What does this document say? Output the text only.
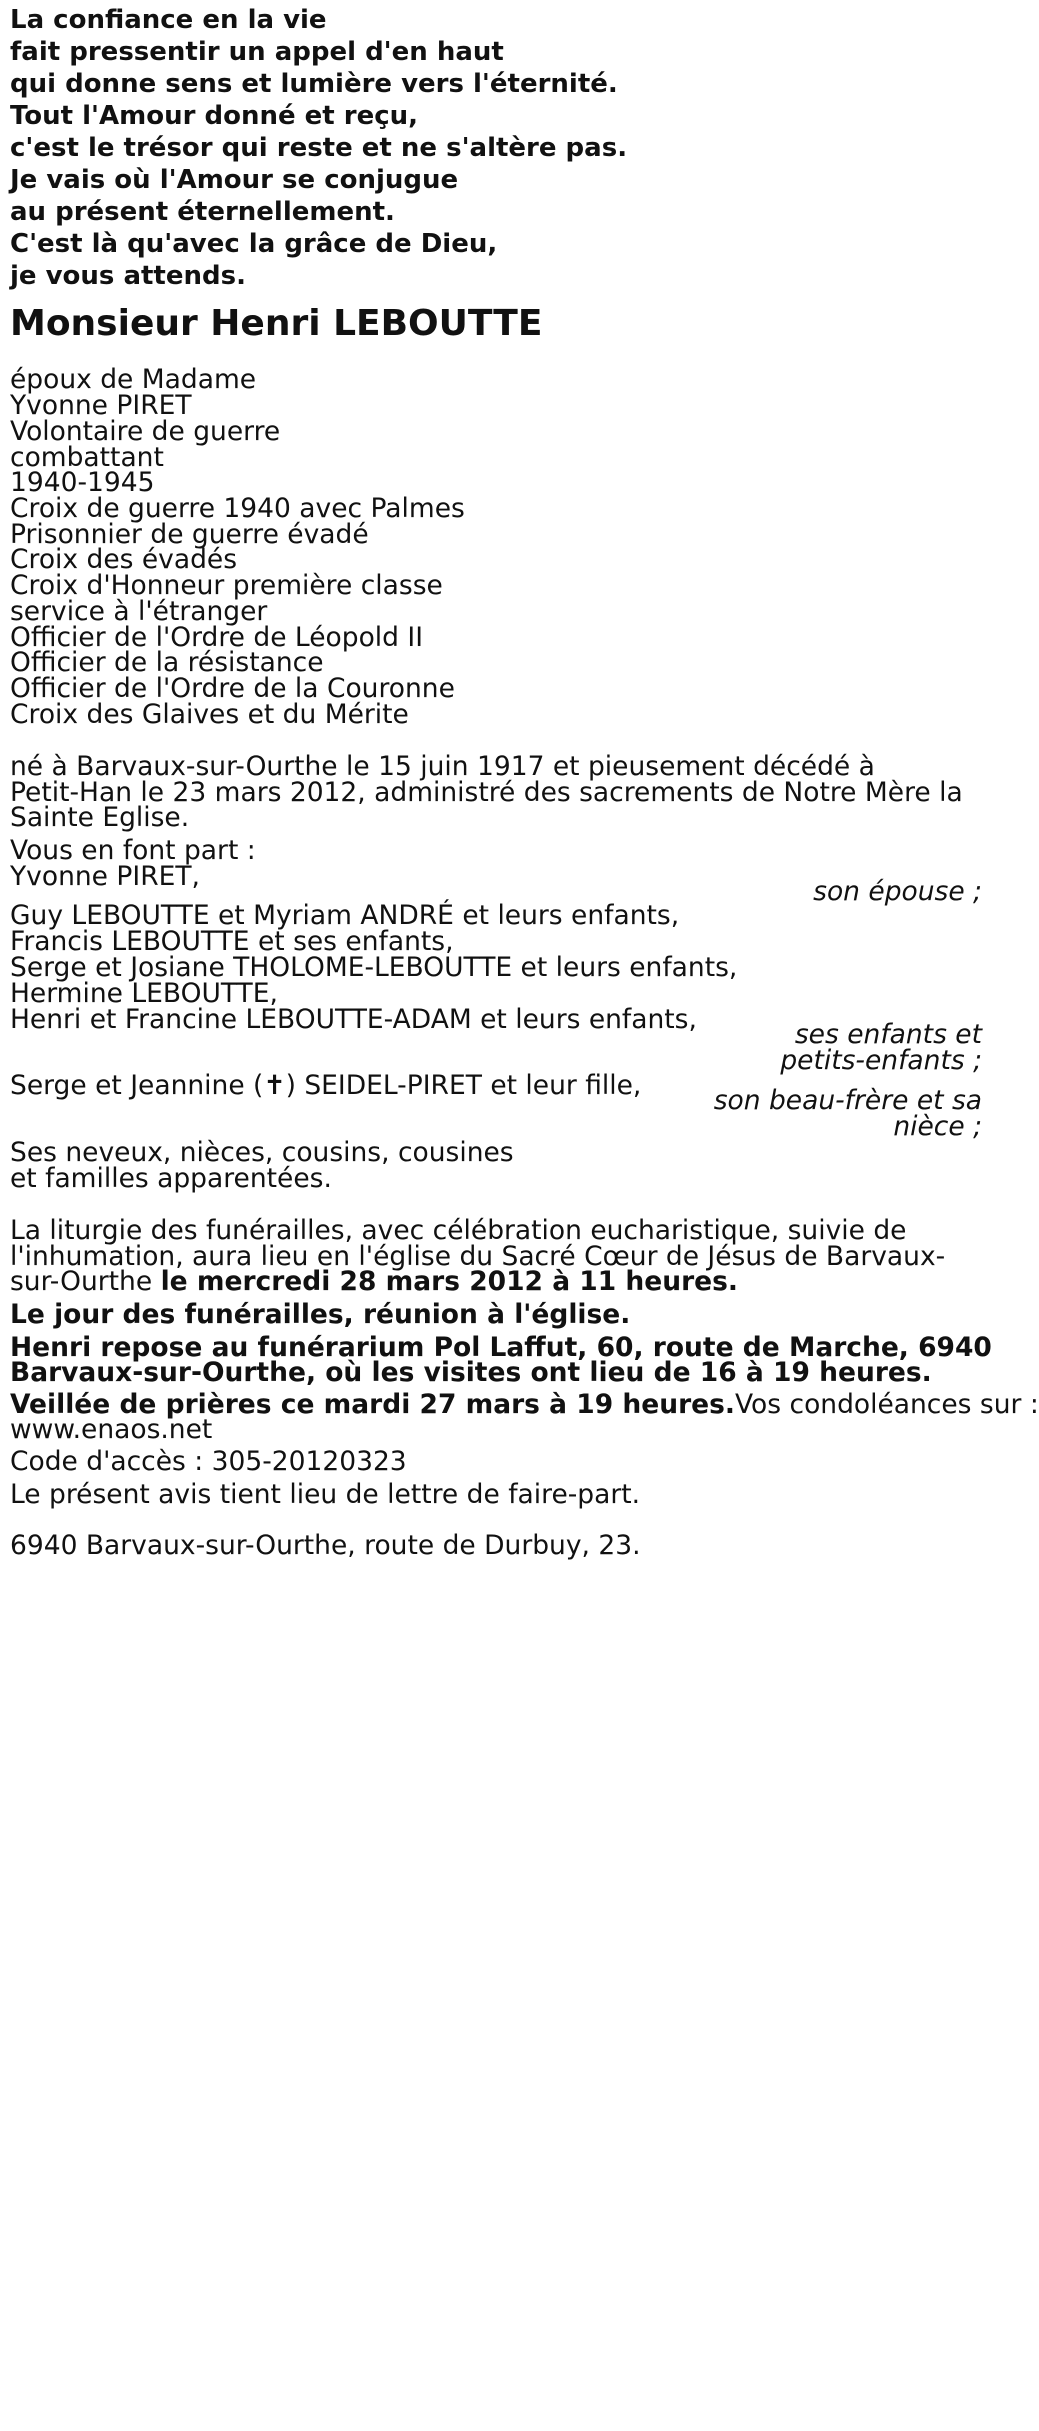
La confiance en la vie
fait pressentir un appel d'en haut
qui donne sens et lumière vers l'éternité.
Tout l'Amour donné et reçu,
c'est le trésor qui reste et ne s'altère pas.
Je vais où l'Amour se conjugue
au présent éternellement.
C'est là qu'avec la grâce de Dieu,
je vous attends.
Monsieur Henri LEBOUTTE
époux de Madame
Yvonne PIRET
Volontaire de guerre
combattant
1940-1945
Croix de guerre 1940 avec Palmes
Prisonnier de guerre évadé
Croix des évadés
Croix d'Honneur première classe
service à l'étranger
Officier de l'Ordre de Léopold II
Officier de la résistance
Officier de l'Ordre de la Couronne
Croix des Glaives et du Mérite
né à Barvaux-sur-Ourthe le 15 juin 1917 et pieusement décédé à
Petit-Han le 23 mars 2012, administré des sacrements de Notre Mère la
Sainte Eglise.
Vous en font part :
Yvonne PIRET,	son épouse ;
Guy LEBOUTTE et Myriam ANDRÉ et leurs enfants,
Francis LEBOUTTE et ses enfants,
Serge et Josiane THOLOME-LEBOUTTE et leurs enfants,
Hermine LEBOUTTE,
Henri et Francine LEBOUTTE-ADAM et leurs enfants,	ses enfants et
petits-enfants ;
Serge et Jeannine (✝) SEIDEL-PIRET et leur fille,	son beau-frère et sa
nièce ;
Ses neveux, nièces, cousins, cousines
et familles apparentées.
La liturgie des funérailles, avec célébration eucharistique, suivie de
l'inhumation, aura lieu en l'église du Sacré Cœur de Jésus de Barvaux-
sur-Ourthe le mercredi 28 mars 2012 à 11 heures.
Le jour des funérailles, réunion à l'église.
Henri repose au funérarium Pol Laffut, 60, route de Marche, 6940
Barvaux-sur-Ourthe, où les visites ont lieu de 16 à 19 heures.
Veillée de prières ce mardi 27 mars à 19 heures.Vos condoléances sur :
www.enaos.net
Code d'accès : 305-20120323
Le présent avis tient lieu de lettre de faire-part.
6940 Barvaux-sur-Ourthe, route de Durbuy, 23.
